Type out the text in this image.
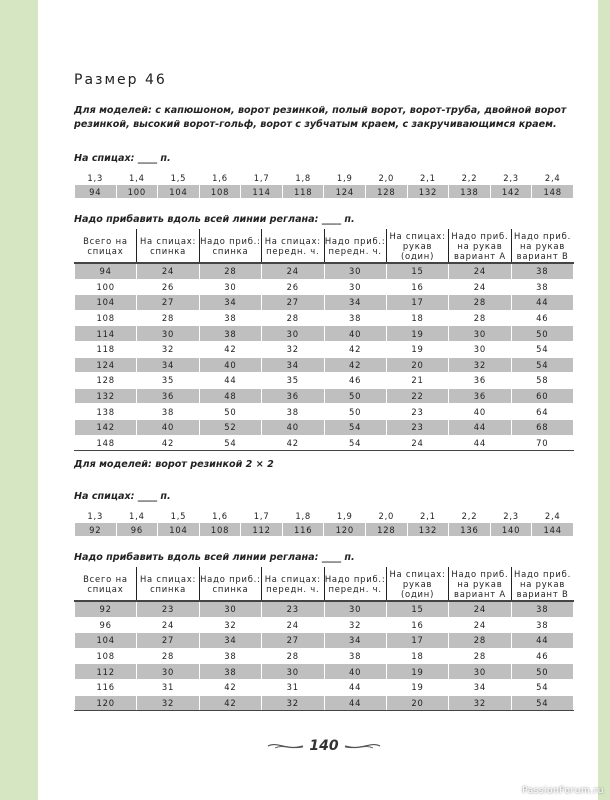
Размер 46
Для моделей: с капюшоном, ворот резинкой, полый ворот, ворот-труба, двойной ворот резинкой, высокий ворот-гольф, ворот с зубчатым краем, с закручивающимся краем.
На спицах: ____ п.
1,3	1,4	1,5	1,6	1,7	1,8	1,9	2,0	2,1	2,2	2,3	2,4
94	100	104	108	114	118	124	128	132	138	142	148
Надо прибавить вдоль всей линии реглана: ____ п.
Всего на спицах	На спицах: спинка	Надо приб.: спинка	На спицах: передн. ч.	Надо приб.: передн. ч.	На спицах: рукав (один)	Надо приб. на рукав вариант А	Надо приб. на рукав вариант В
94	24	28	24	30	15	24	38
100	26	30	26	30	16	24	38
104	27	34	27	34	17	28	44
108	28	38	28	38	18	28	46
114	30	38	30	40	19	30	50
118	32	42	32	42	19	30	54
124	34	40	34	42	20	32	54
128	35	44	35	46	21	36	58
132	36	48	36	50	22	36	60
138	38	50	38	50	23	40	64
142	40	52	40	54	23	44	68
148	42	54	42	54	24	44	70
Для моделей: ворот резинкой 2 × 2
На спицах: ____ п.
1,3	1,4	1,5	1,6	1,7	1,8	1,9	2,0	2,1	2,2	2,3	2,4
92	96	104	108	112	116	120	128	132	136	140	144
Надо прибавить вдоль всей линии реглана: ____ п.
Всего на спицах	На спицах: спинка	Надо приб.: спинка	На спицах: передн. ч.	Надо приб.: передн. ч.	На спицах: рукав (один)	Надо приб. на рукав вариант А	Надо приб. на рукав вариант В
92	23	30	23	30	15	24	38
96	24	32	24	32	16	24	38
104	27	34	27	34	17	28	44
108	28	38	28	38	18	28	46
112	30	38	30	40	19	30	50
116	31	42	31	44	19	34	54
120	32	42	32	44	20	32	54
140
PassionForum.ru
